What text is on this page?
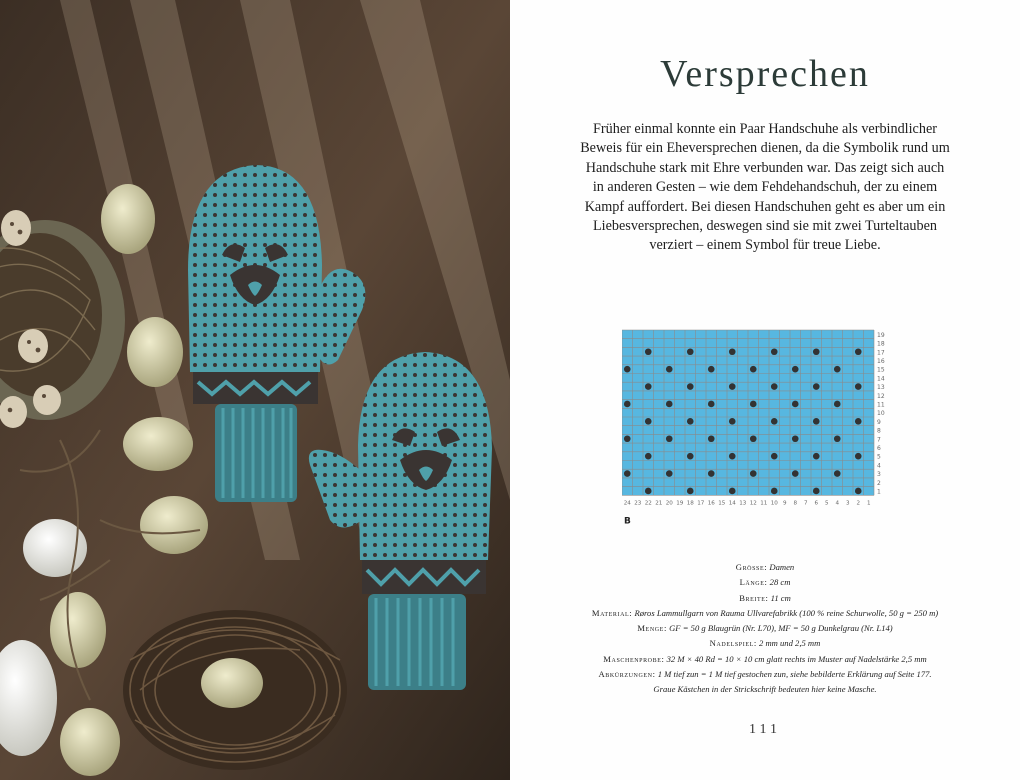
Versprechen
Früher einmal konnte ein Paar Handschuhe als verbindlicher
Beweis für ein Eheversprechen dienen, da die Symbolik rund um
Handschuhe stark mit Ehre verbunden war. Das zeigt sich auch
in anderen Gesten – wie dem Fehdehandschuh, der zu einem
Kampf auffordert. Bei diesen Handschuhen geht es aber um ein
Liebesversprechen, deswegen sind sie mit zwei Turteltauben
verziert – einem Symbol für treue Liebe.
1
2
3
4
5
6
7
8
9
10
11
12
13
14
15
16
17
18
19
24 23 22 21 20 19 18 17 16 15 14 13 12 11 10 9 8 7 6 5 4 3 2 1
B
Grösse: Damen
Länge: 28 cm
Breite: 11 cm
Material: Røros Lammullgarn von Rauma Ullvarefabrikk (100 % reine Schurwolle, 50 g = 250 m)
Menge: GF = 50 g Blaugrün (Nr. L70), MF = 50 g Dunkelgrau (Nr. L14)
Nadelspiel: 2 mm und 2,5 mm
Maschenprobe: 32 M × 40 Rd = 10 × 10 cm glatt rechts im Muster auf Nadelstärke 2,5 mm
Abkürzungen: 1 M tief zun = 1 M tief gestochen zun, siehe bebilderte Erklärung auf Seite 177.
Graue Kästchen in der Strickschrift bedeuten hier keine Masche.
111
